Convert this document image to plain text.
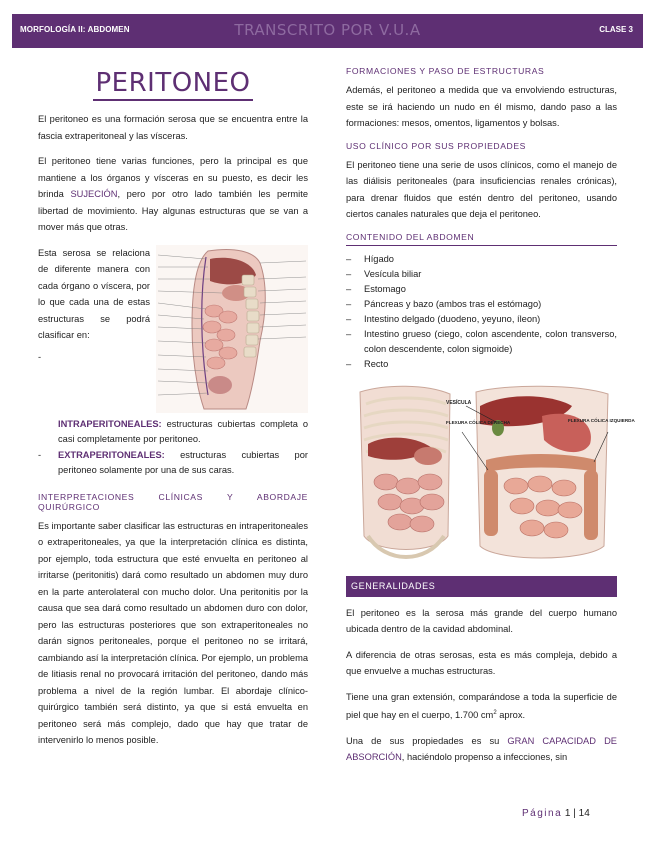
MORFOLOGÍA II: ABDOMEN	TRANSCRITO POR V.U.A	CLASE 3
PERITONEO

El peritoneo es una formación serosa que se encuentra entre la fascia extraperitoneal y las vísceras.

El peritoneo tiene varias funciones, pero la principal es que mantiene a los órganos y vísceras en su puesto, es decir les brinda SUJECIÓN, pero por otro lado también les permite libertad de movimiento. Hay algunas estructuras que se van a mover más que otras.

Esta serosa se relaciona de diferente manera con cada órgano o víscera, por lo que cada una de estas estructuras se podrá clasificar en:
-
INTRAPERITONEALES: estructuras cubiertas completa o casi completamente por peritoneo.
- EXTRAPERITONEALES: estructuras cubiertas por peritoneo solamente por una de sus caras.
INTERPRETACIONES CLÍNICAS Y ABORDAJE QUIRÚRGICO

Es importante saber clasificar las estructuras en intraperitoneales o extraperitoneales, ya que la interpretación clínica es distinta, por ejemplo, toda estructura que esté envuelta en peritoneo al irritarse (peritonitis) dará como resultado un abdomen muy duro en la parte anterolateral con mucho dolor. Una peritonitis por la causa que sea dará como resultado un abdomen duro con dolor, pero las estructuras posteriores que son extraperitoneales no darán signos peritoneales, porque el peritoneo no se irritará, cambiando así la interpretación clínica. Por ejemplo, un problema de litiasis renal no provocará irritación del peritoneo, dando más problema a nivel de la región lumbar. El abordaje clínico-quirúrgico también será distinto, ya que si está envuelta en peritoneo será más complejo, dado que hay que tratar de intervenirlo lo menos posible.

FORMACIONES Y PASO DE ESTRUCTURAS

Además, el peritoneo a medida que va envolviendo estructuras, este se irá haciendo un nudo en él mismo, dando paso a las formaciones: mesos, omentos, ligamentos y bolsas.

USO CLÍNICO POR SUS PROPIEDADES

El peritoneo tiene una serie de usos clínicos, como el manejo de las diálisis peritoneales (para insuficiencias renales crónicas), para drenar fluidos que estén dentro del peritoneo, usando ciertos canales naturales que deja el peritoneo.

CONTENIDO DEL ABDOMEN
– Hígado
– Vesícula biliar
– Estomago
– Páncreas y bazo (ambos tras el estómago)
– Intestino delgado (duodeno, yeyuno, íleon)
– Intestino grueso (ciego, colon ascendente, colon transverso, colon descendente, colon sigmoide)
– Recto
VESÍCULA
FLEXURA CÓLICA DERECHA	FLEXURA CÓLICA IZQUIERDA
GENERALIDADES

El peritoneo es la serosa más grande del cuerpo humano ubicada dentro de la cavidad abdominal.

A diferencia de otras serosas, esta es más compleja, debido a que envuelve a muchas estructuras.

Tiene una gran extensión, comparándose a toda la superficie de piel que hay en el cuerpo, 1.700 $cm^2$ aprox.

Una de sus propiedades es su GRAN CAPACIDAD DE ABSORCIÓN, haciéndolo propenso a infecciones, sin

Página 1 | 14
